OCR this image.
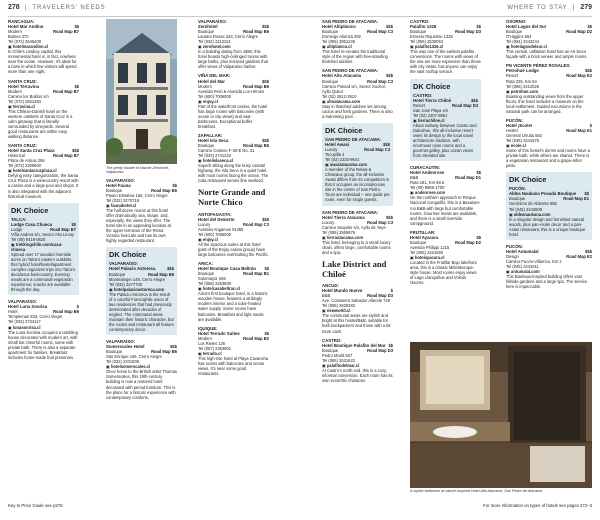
278  |  TRAVELERS' NEEDS	WHERE TO STAY  |  279
RANCAGUA:
Hotel Mar Andino	$$
Modern	Road Map B7
Bulnes 370
Tel (072) 2645400
▣ hotelmarandino.cl

In Chile's cowboy capital, this monumental hotel is, in fact, nowhere near the ocean. However, it's ideal for a town in which few visitors will spend more than one night.

SANTA CRUZ:
Hotel Terravina	$$
Modern	Road Map B7
Camino los Boldos s/n
Tel (072) 2821284
▣ terravina.cl

This Chilean-Danish hotel on the western outskirts of Santa Cruz is a calm getaway that is literally surrounded by vineyards. Several good restaurants are within easy walking distance.

SANTA CRUZ:
Hotel Santa Cruz Plaza	$$$
Historical	Road Map B7
Plaza de Armas 286
Tel (072) 2209600
▣ hotelsantacruzplaza.cl

Defying easy categorization, the Santa Cruz Plaza is a winecountry resort with a casino and a large pool and shops. It is also integrated with the adjacent historical museum.

DK Choice
TALCA:
Lodge Casa Chueca	$$
Lodge	Road Map B7
Viña Andrea s/n, Sector Alto Lircay
Tel (09) 9419-0625
▣ trekkingchile.com/casa-chueca

Spread over 17 wooded riverside acres on Talca's eastern outskirts, this hybrid hotel/hostel/apartment complex organizes trips into Talca's deciduous backcountry. Evening meals are a communal vegetarian experience; snacks are available through the day.

VALPARAÍSO:
Hotel Luna Sonrisa	$
Hotel	Road Map B6
Templeman 833, Cerro Alegre
Tel (032) 2734117
▣ lunasonrisa.cl

The Luna Sonrisa occupies a rambling house decorated with modern art, with small but cheerful rooms, some with private bath. There is also a separate apartment for families. Breakfast includes home-made fruit preserves.

The pretty facade of historic Zerohotel, Valparaíso
VALPARAÍSO:
Hotel Fauna	$$
Boutique	Road Map B6
Paseo Dimalow 166, Cerro Alegre
Tel (032) 3270719
▣ faunahotel.cl

The half-dozen rooms at this hotel offer dramatically sea, shape, and, especially, the views they offer. The hotel sits in an appealing location at the upper terminus of the Reina Victoria funicular and has its own highly regarded restaurant.

DK Choice
VALPARAÍSO:
Hotel Palacio Astoreca	$$$
Boutique	Road Map B6
Montealegre 149, Cerro Alegre
Tel (032) 3277700
▣ hotelpalacioastoreca.com

The Palacio Astoreca is the result of a colorful Francophile union of two residences that had previously deteriorated after decades of neglect. The communal areas maintain their historic character, but the rooms and restaurant all feature contemporary decor.

VALPARAÍSO:
Somerscales Hotel	$$$
Boutique	Road Map B6
San Enrique 446, Cerro Alegre
Tel (032) 2331006
▣ hotelsomerscales.cl

Once home to the British artist Thomas Somerscales, this 19th-century building is now a restored hotel decorated with period furniture. This is the place for a historic experience with contemporary comforts.

VALPARAÍSO:
Zerohotel	$$$
Boutique	Road Map B6
Lautaro Rosas 343, Cerro Alegre
Tel (032) 2113113
▣ zerohotel.com

In a building dating from 1880, this hotel boasts high-ceilinged rooms with large baths, plus terraced gardens that offer views of Valparaíso harbor.

VIÑA DEL MAR:
Hotel del Mar	$$$
Modern	Road Map B6
Avenida Perú & Avenida Los Héroes
Tel (600) 7006000
▣ enjoy.cl

Part of the waterfront casino, the hotel has large rooms with balconies (with ocean or city views) and vast bathrooms. Exceptional buffet breakfast.

ZAPALLAR:
Hotel Isla Seca	$$$
Boutique	Road Map B6
Camino Costero F-30-E No. 31
Tel (033) 2741224
▣ hotelislaseca.cl

Superb sitting along the busy coastal highway, the Isla Seca is a quiet hotel, with most rooms facing the ocean. The Cala restaurant serves fine seafood.

Norte Grande and Norte Chico
ANTOFAGASTA:
Hotel del Desierto	$$$
Luxury	Road Map C3
Avenida Angamos 01455
Tel (600) 7006000
▣ enjoy.cl

All the spacious suites at this hotel (part of the Enjoy casino group) have large balconies overlooking the Pacific.

ARICA:
Hotel Boutique Casa Beltrán $$
Boutique	Road Map B1
Sotomayor 266
Tel (058) 2253839
▣ hotelcasabeltran.cl

Arica's first boutique hotel, in a historic wooden house, features a strikingly modern interior and a solar-heated water supply. Some rooms have balconies. Breakfast and light meals are available.

IQUIQUE:
Hotel Terrado Suites	$$
Modern	Road Map B2
Los Rieles 126
Tel (057) 2363901
▣ terrado.cl

This high-rise hotel at Playa Cavancha has rooms with balconies and ocean views. It's near some good restaurants.

SAN PEDRO DE ATACAMA:
Hotel Altiplánico	$$$
Boutique	Road Map C3
Domingo Atienza 282
Tel (055) 2851245
▣ altiplanico.cl

This hotel re-creates the traditional style of the region with free-standing thatched adobes.

SAN PEDRO DE ATACAMA:
Hotel Alto Atacama	$$$
Boutique	Road Map C3
Camino Pukará s/n, Sector Suchor, Ayllu Quitor
Tel (02) 2912-3910
▣ altoatacama.com

Stay in thatched adobes set among cactus and herb gardens. There is also a swimming pool.

DK Choice
SAN PEDRO DE ATACAMA:
Hotel Awasi	$$$
Luxury	Road Map C3
Tocopilla 4
Tel (02) 2233-9641
▣ awasiatacama.com

A member of the Relais & Chateaux group, the all-inclusive Awasi differs from its competitors in that it occupies an inconspicuous site in the center of San Pedro. Tours are individual – one guide per room, even for single guests.

SAN PEDRO DE ATACAMA:
Hotel Tierra Atacama	$$$
Luxury	Road Map C3
Camino Sequitor s/n, Ayllu de Yaye
Tel (055) 2555976
▣ tierraatacama.com

This hotel, belonging to a small luxury chain, offers large, comfortable rooms and a spa.

Lake District and Chiloé
ANCUD:
Hotel Mundo Nuevo	$
B&B	Road Map D3
Ave. Costanera Salvador Allende 748
Tel (065) 2628383
▣ newworld.cl

The communal areas are stylish and bright at this hostel/B&B, suitable for both backpackers and those with a bit more cash.

CASTRO:
Hotel Boutique Palafito del Mar $$
Boutique	Road Map D3
Pedro Montt 567
Tel (065) 2631622
▣ palafitodelmar.cl

At Castro's north end, this is a cozy, informal conversion. Each room has its own eccentric character.

CASTRO:
Palafito 1326	$$
Boutique	Road Map D3
Ernesto Riquelme 1326
Tel (065) 2530053
▣ palafito1326.cl

This was one of the earliest palafito conversions. The rooms with views of the sea are more expensive than those with city vistas, but anyone can enjoy the vast rooftop terrace.

DK Choice
CASTRO:
Hotel Tierra Chiloé	$$$
Resort	Road Map D3
San José Playa s/n
Tel (02) 2207-8861
▣ tierrachiloe.cl

About midway between Castro and Dalcahue, this all-inclusive resort owes its design to the local naval architecture tradition, with enormous cane rooms and a gourmet galley, plus ocean views from elevated site.

CURACAUTÍN:
Hotel Andenrose	$$
B&B	Road Map D1
Ruta 181, Km 68.5
Tel (09) 9869-1700
▣ andenrose.com

On the northern approach to Parque Nacional Conguillío, this is a Bavarian-run B&B with large but comfortable rooms. Gourmet meals are available, and there is a small riverside campground.

FRUTILLAR:
Hotel Ayacara	$$
Boutique	Road Map D2
Avenida Philippi 1215
Tel (065) 2421550
▣ hotelayacara.cl

Located in the Frutillar Bajo lakefront area, this is a classic Mittelteuropa-style house. Most rooms enjoy views of Lago Llanquihue and Volcán Osorno.

OSORNO:
Hotel Lagos del Sur	$$
Boutique	Road Map D2
O'Higgins 564
Tel (064) 2243244
▣ hotelagosdelsur.cl

This central, utilitarian hotel has an Art Deco façade with a brick veneer and ample rooms.

PN VICENTE PÉREZ ROSALES:
Petrohué Lodge	$$$
Resort	Road Map E2
Ruta 225, Km 64
Tel (065) 2212025
▣ petrohue.com

Boasting outstanding views from the upper floors, this hotel includes a museum on the local settlement. Guided excursions in the national park can be arranged.

PUCÓN:
Hotel ¡Ecole!	$
Hostel	Road Map E1
General Urrutia 592
Tel (045) 2441675
▣ ecole.cl

Some of this hostel's dorms and rooms have a private bath, while others are shared. There is a vegetarian restaurant and a grape-arbor patio.

DK Choice
PUCÓN:
Aldea Naukana Posada Boutique $$
Boutique	Road Map E1
Gerónimo de Alderete 656
Tel (045) 2443508
▣ aldeanaukana.com

In a singular design and furnished natural woods, plus pan-Asian decor and a pan-Asian restaurant, this is a unique boutique hotel.

PUCÓN:
Hotel Antumalal	$$$
Design	Road Map E2
Camino Pucón-Villarrica, Km 2
Tel (045) 2441011
▣ antumalal.com

This Bauhaus-inspired building offers vast hillside gardens and a large spa. The service here is impeccable.

A stylish bathroom at nature-inspired Hotel Alto Atacama, San Pedro de Atacama
Key to Price Guide see p276	For more information on types of hotels see pages 272–3
